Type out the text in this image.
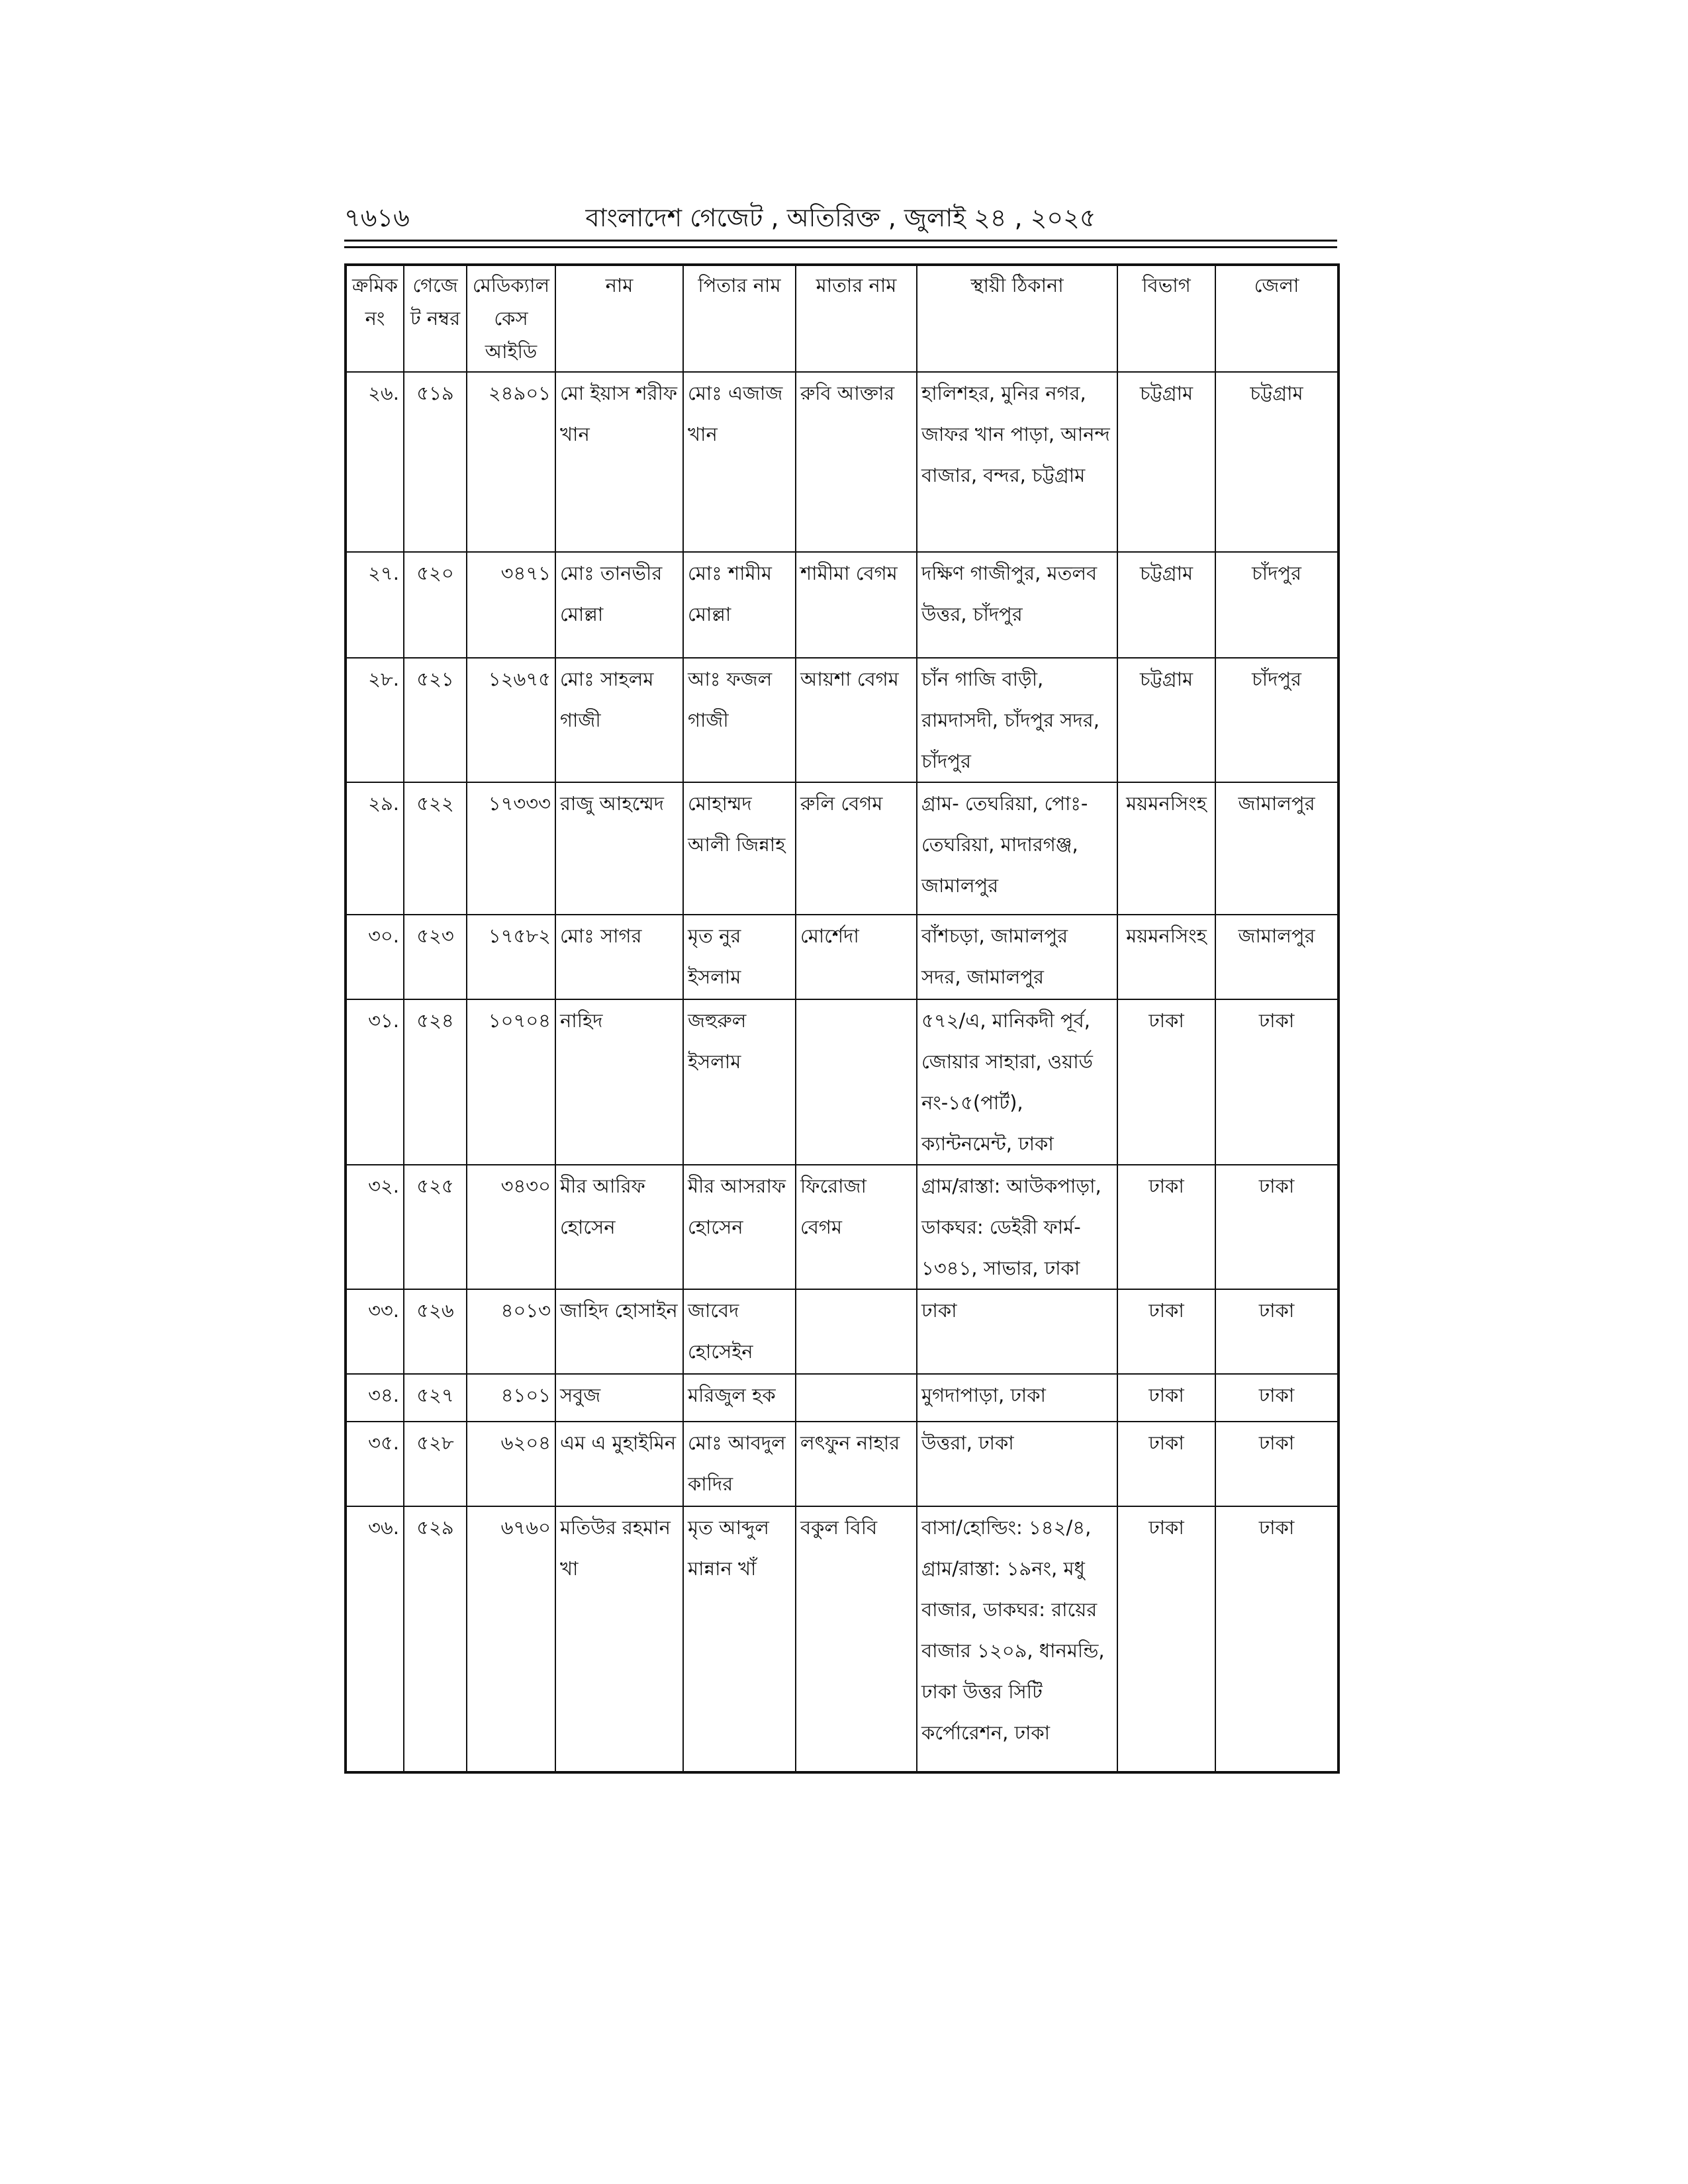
৭৬১৬	বাংলাদেশ গেজেট , অতিরিক্ত , জুলাই ২৪ , ২০২৫
ক্রমিক নং	গেজেট নম্বর	মেডিক্যাল কেস আইডি	নাম	পিতার নাম	মাতার নাম	স্থায়ী ঠিকানা	বিভাগ	জেলা
২৬.	৫১৯	২৪৯০১	মো ইয়াস শরীফ খান	মোঃ এজাজ খান	রুবি আক্তার	হালিশহর, মুনির নগর, জাফর খান পাড়া, আনন্দ বাজার, বন্দর, চট্টগ্রাম	চট্টগ্রাম	চট্টগ্রাম
২৭.	৫২০	৩৪৭১	মোঃ তানভীর মোল্লা	মোঃ শামীম মোল্লা	শামীমা বেগম	দক্ষিণ গাজীপুর, মতলব উত্তর, চাঁদপুর	চট্টগ্রাম	চাঁদপুর
২৮.	৫২১	১২৬৭৫	মোঃ সাহলম গাজী	আঃ ফজল গাজী	আয়শা বেগম	চাঁন গাজি বাড়ী, রামদাসদী, চাঁদপুর সদর, চাঁদপুর	চট্টগ্রাম	চাঁদপুর
২৯.	৫২২	১৭৩৩৩	রাজু আহম্মেদ	মোহাম্মদ আলী জিন্নাহ	রুলি বেগম	গ্রাম- তেঘরিয়া, পোঃ- তেঘরিয়া, মাদারগঞ্জ, জামালপুর	ময়মনসিংহ	জামালপুর
৩০.	৫২৩	১৭৫৮২	মোঃ সাগর	মৃত নুর ইসলাম	মোর্শেদা	বাঁশচড়া, জামালপুর সদর, জামালপুর	ময়মনসিংহ	জামালপুর
৩১.	৫২৪	১০৭০৪	নাহিদ	জহুরুল ইসলাম		৫৭২/এ, মানিকদী পূর্ব, জোয়ার সাহারা, ওয়ার্ড নং-১৫(পার্ট), ক্যান্টনমেন্ট, ঢাকা	ঢাকা	ঢাকা
৩২.	৫২৫	৩৪৩০	মীর আরিফ হোসেন	মীর আসরাফ হোসেন	ফিরোজা বেগম	গ্রাম/রাস্তা: আউকপাড়া, ডাকঘর: ডেইরী ফার্ম- ১৩৪১, সাভার, ঢাকা	ঢাকা	ঢাকা
৩৩.	৫২৬	৪০১৩	জাহিদ হোসাইন	জাবেদ হোসেইন		ঢাকা	ঢাকা	ঢাকা
৩৪.	৫২৭	৪১০১	সবুজ	মরিজুল হক		মুগদাপাড়া, ঢাকা	ঢাকা	ঢাকা
৩৫.	৫২৮	৬২০৪	এম এ মুহাইমিন	মোঃ আবদুল কাদির	লৎফুন নাহার	উত্তরা, ঢাকা	ঢাকা	ঢাকা
৩৬.	৫২৯	৬৭৬০	মতিউর রহমান খা	মৃত আব্দুল মান্নান খাঁ	বকুল বিবি	বাসা/হোল্ডিং: ১৪২/৪, গ্রাম/রাস্তা: ১৯নং, মধু বাজার, ডাকঘর: রায়ের বাজার ১২০৯, ধানমন্ডি, ঢাকা উত্তর সিটি কর্পোরেশন, ঢাকা	ঢাকা	ঢাকা
